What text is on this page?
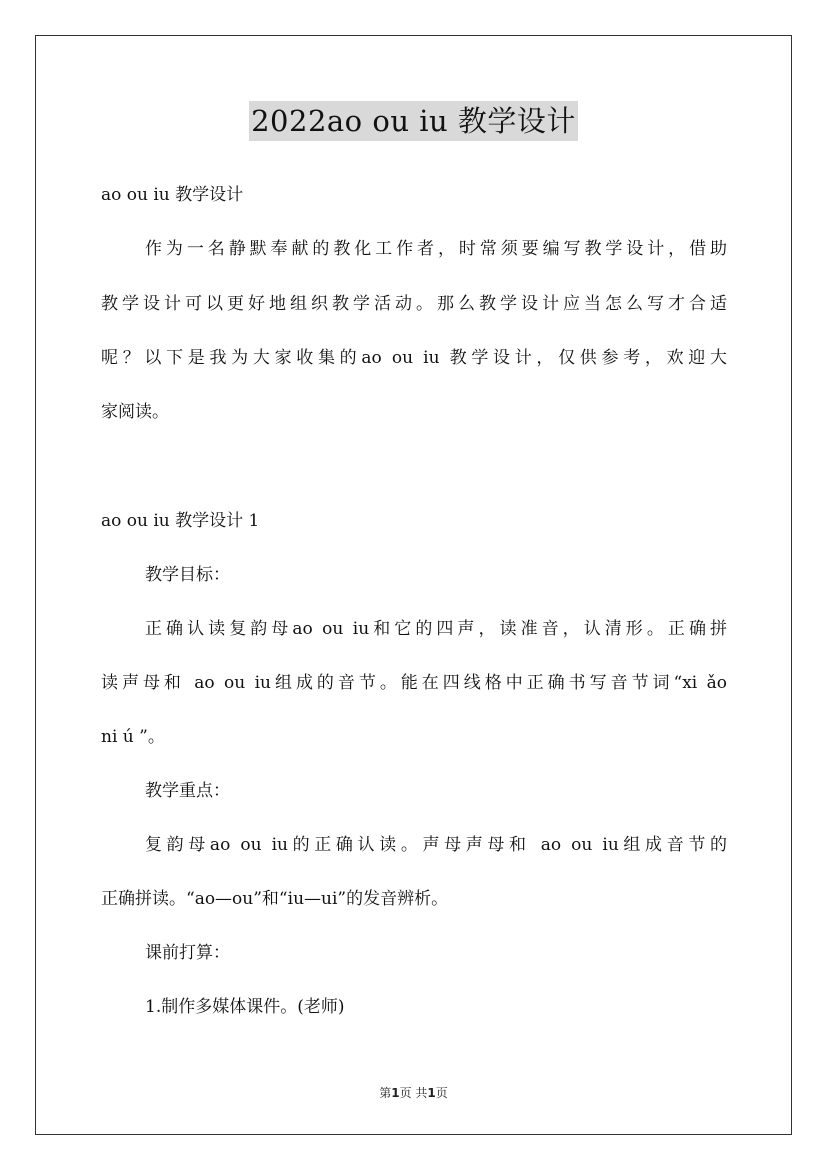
2022ao ou iu 教学设计
ao ou iu 教学设计
作为一名静默奉献的教化工作者，时常须要编写教学设计，借助
教学设计可以更好地组织教学活动。那么教学设计应当怎么写才合适
呢？以下是我为大家收集的ao ou iu 教学设计，仅供参考，欢迎大
家阅读。
ao ou iu 教学设计 1
教学目标：
正确认读复韵母ao ou iu和它的四声，读准音，认清形。正确拼
读声母和 ao ou iu组成的音节。能在四线格中正确书写音节词“xi ǎo
ni ú ”。
教学重点：
复韵母ao ou iu的正确认读。声母声母和 ao ou iu组成音节的
正确拼读。“ao—ou”和“iu—ui”的发音辨析。
课前打算：
1.制作多媒体课件。(老师)
第1页 共1页
